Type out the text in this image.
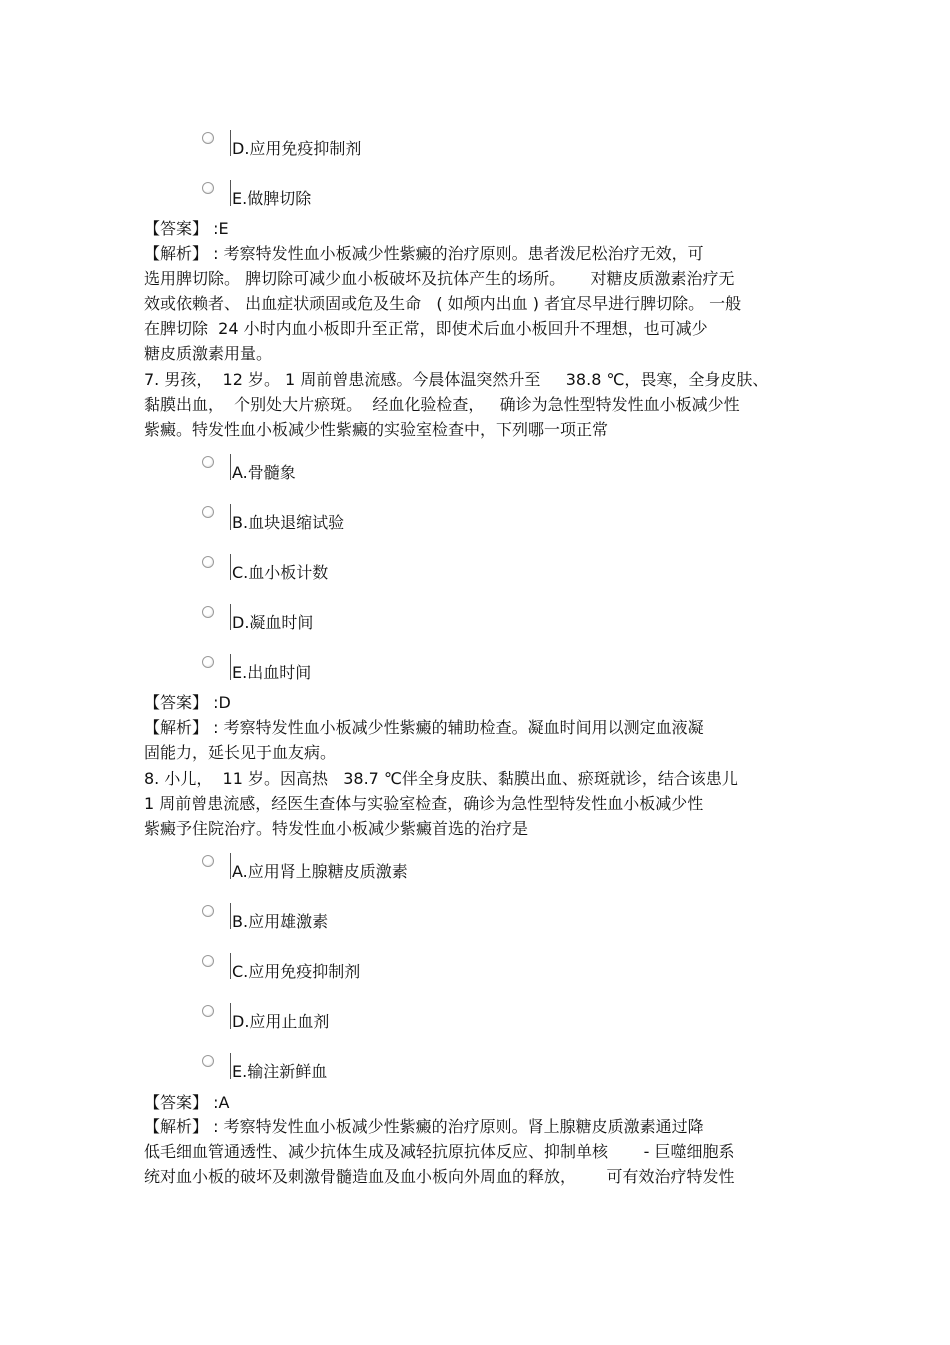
D.应用免疫抑制剂
E.做脾切除
【答案】 :E
【解析】 : 考察特发性血小板减少性紫癜的治疗原则。患者泼尼松治疗无效，可
选用脾切除。 脾切除可减少血小板破坏及抗体产生的场所。     对糖皮质激素治疗无
效或依赖者、 出血症状顽固或危及生命   ( 如颅内出血 ) 者宜尽早进行脾切除。 一般
在脾切除  24 小时内血小板即升至正常，即使术后血小板回升不理想，也可减少
糖皮质激素用量。
7. 男孩，  12 岁。 1 周前曾患流感。今晨体温突然升至     38.8 ℃，畏寒，全身皮肤、
黏膜出血，  个别处大片瘀斑。  经血化验检查，   确诊为急性型特发性血小板减少性
紫癜。特发性血小板减少性紫癜的实验室检查中，下列哪一项正常
A.骨髓象
B.血块退缩试验
C.血小板计数
D.凝血时间
E.出血时间
【答案】 :D
【解析】 : 考察特发性血小板减少性紫癜的辅助检查。凝血时间用以测定血液凝
固能力，延长见于血友病。
8. 小儿，  11 岁。因高热   38.7 ℃伴全身皮肤、黏膜出血、瘀斑就诊，结合该患儿
1 周前曾患流感，经医生查体与实验室检查，确诊为急性型特发性血小板减少性
紫癜予住院治疗。特发性血小板减少紫癜首选的治疗是
A.应用肾上腺糖皮质激素
B.应用雄激素
C.应用免疫抑制剂
D.应用止血剂
E.输注新鲜血
【答案】 :A
【解析】 : 考察特发性血小板减少性紫癜的治疗原则。肾上腺糖皮质激素通过降
低毛细血管通透性、减少抗体生成及减轻抗原抗体反应、抑制单核       - 巨噬细胞系
统对血小板的破坏及刺激骨髓造血及血小板向外周血的释放，      可有效治疗特发性
